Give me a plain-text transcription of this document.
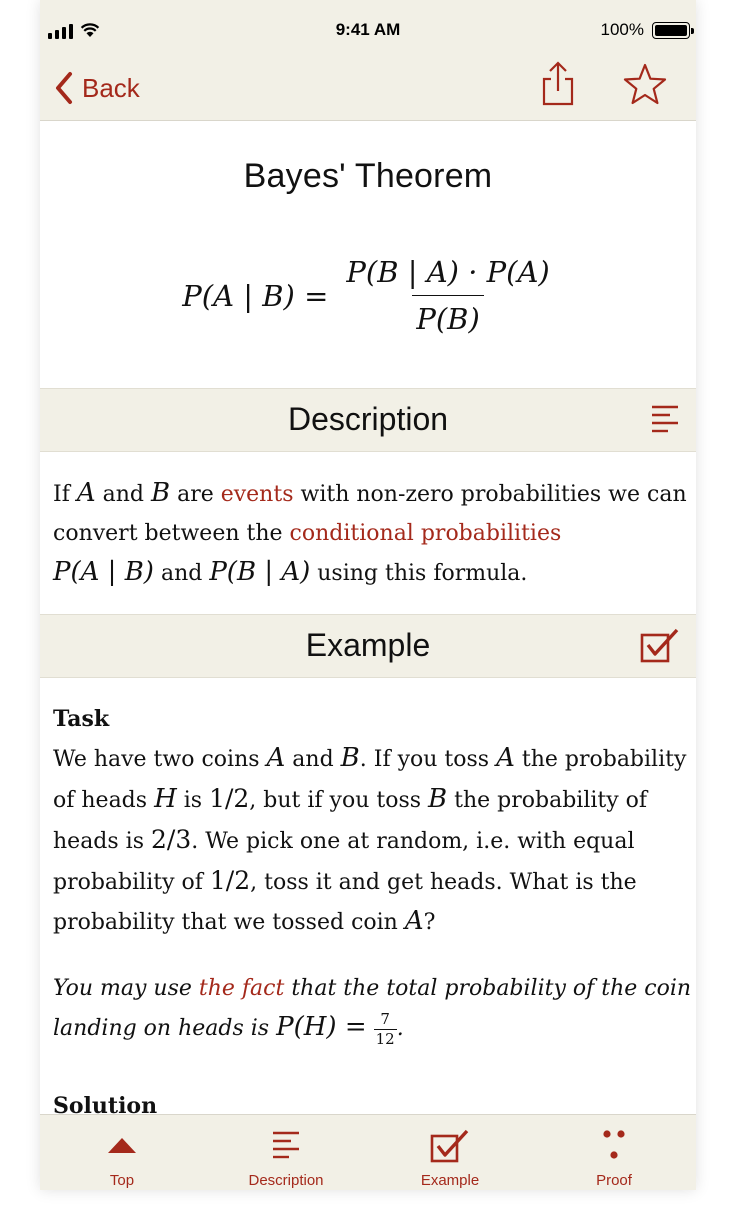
9:41 AM	100%
Back
Bayes' Theorem
P(A | $B) = \frac{P(B | A) \cdot P(A)}{P(B)}$
Description
If A and B are events with non-zero probabilities we can convert between the conditional probabilities
P(A | B) and P(B | A) using this formula.
Example
Task
We have two coins A and B. If you toss A the probability of heads H is 1/2, but if you toss B the probability of heads is 2/3. We pick one at random, i.e. with equal probability of 1/2, toss it and get heads. What is the probability that we tossed coin A?
You may use the fact that the total probability of the coin landing on heads is $P(H) = \frac{7}{12}$ .
Solution
Top	Description	Example	Proof
